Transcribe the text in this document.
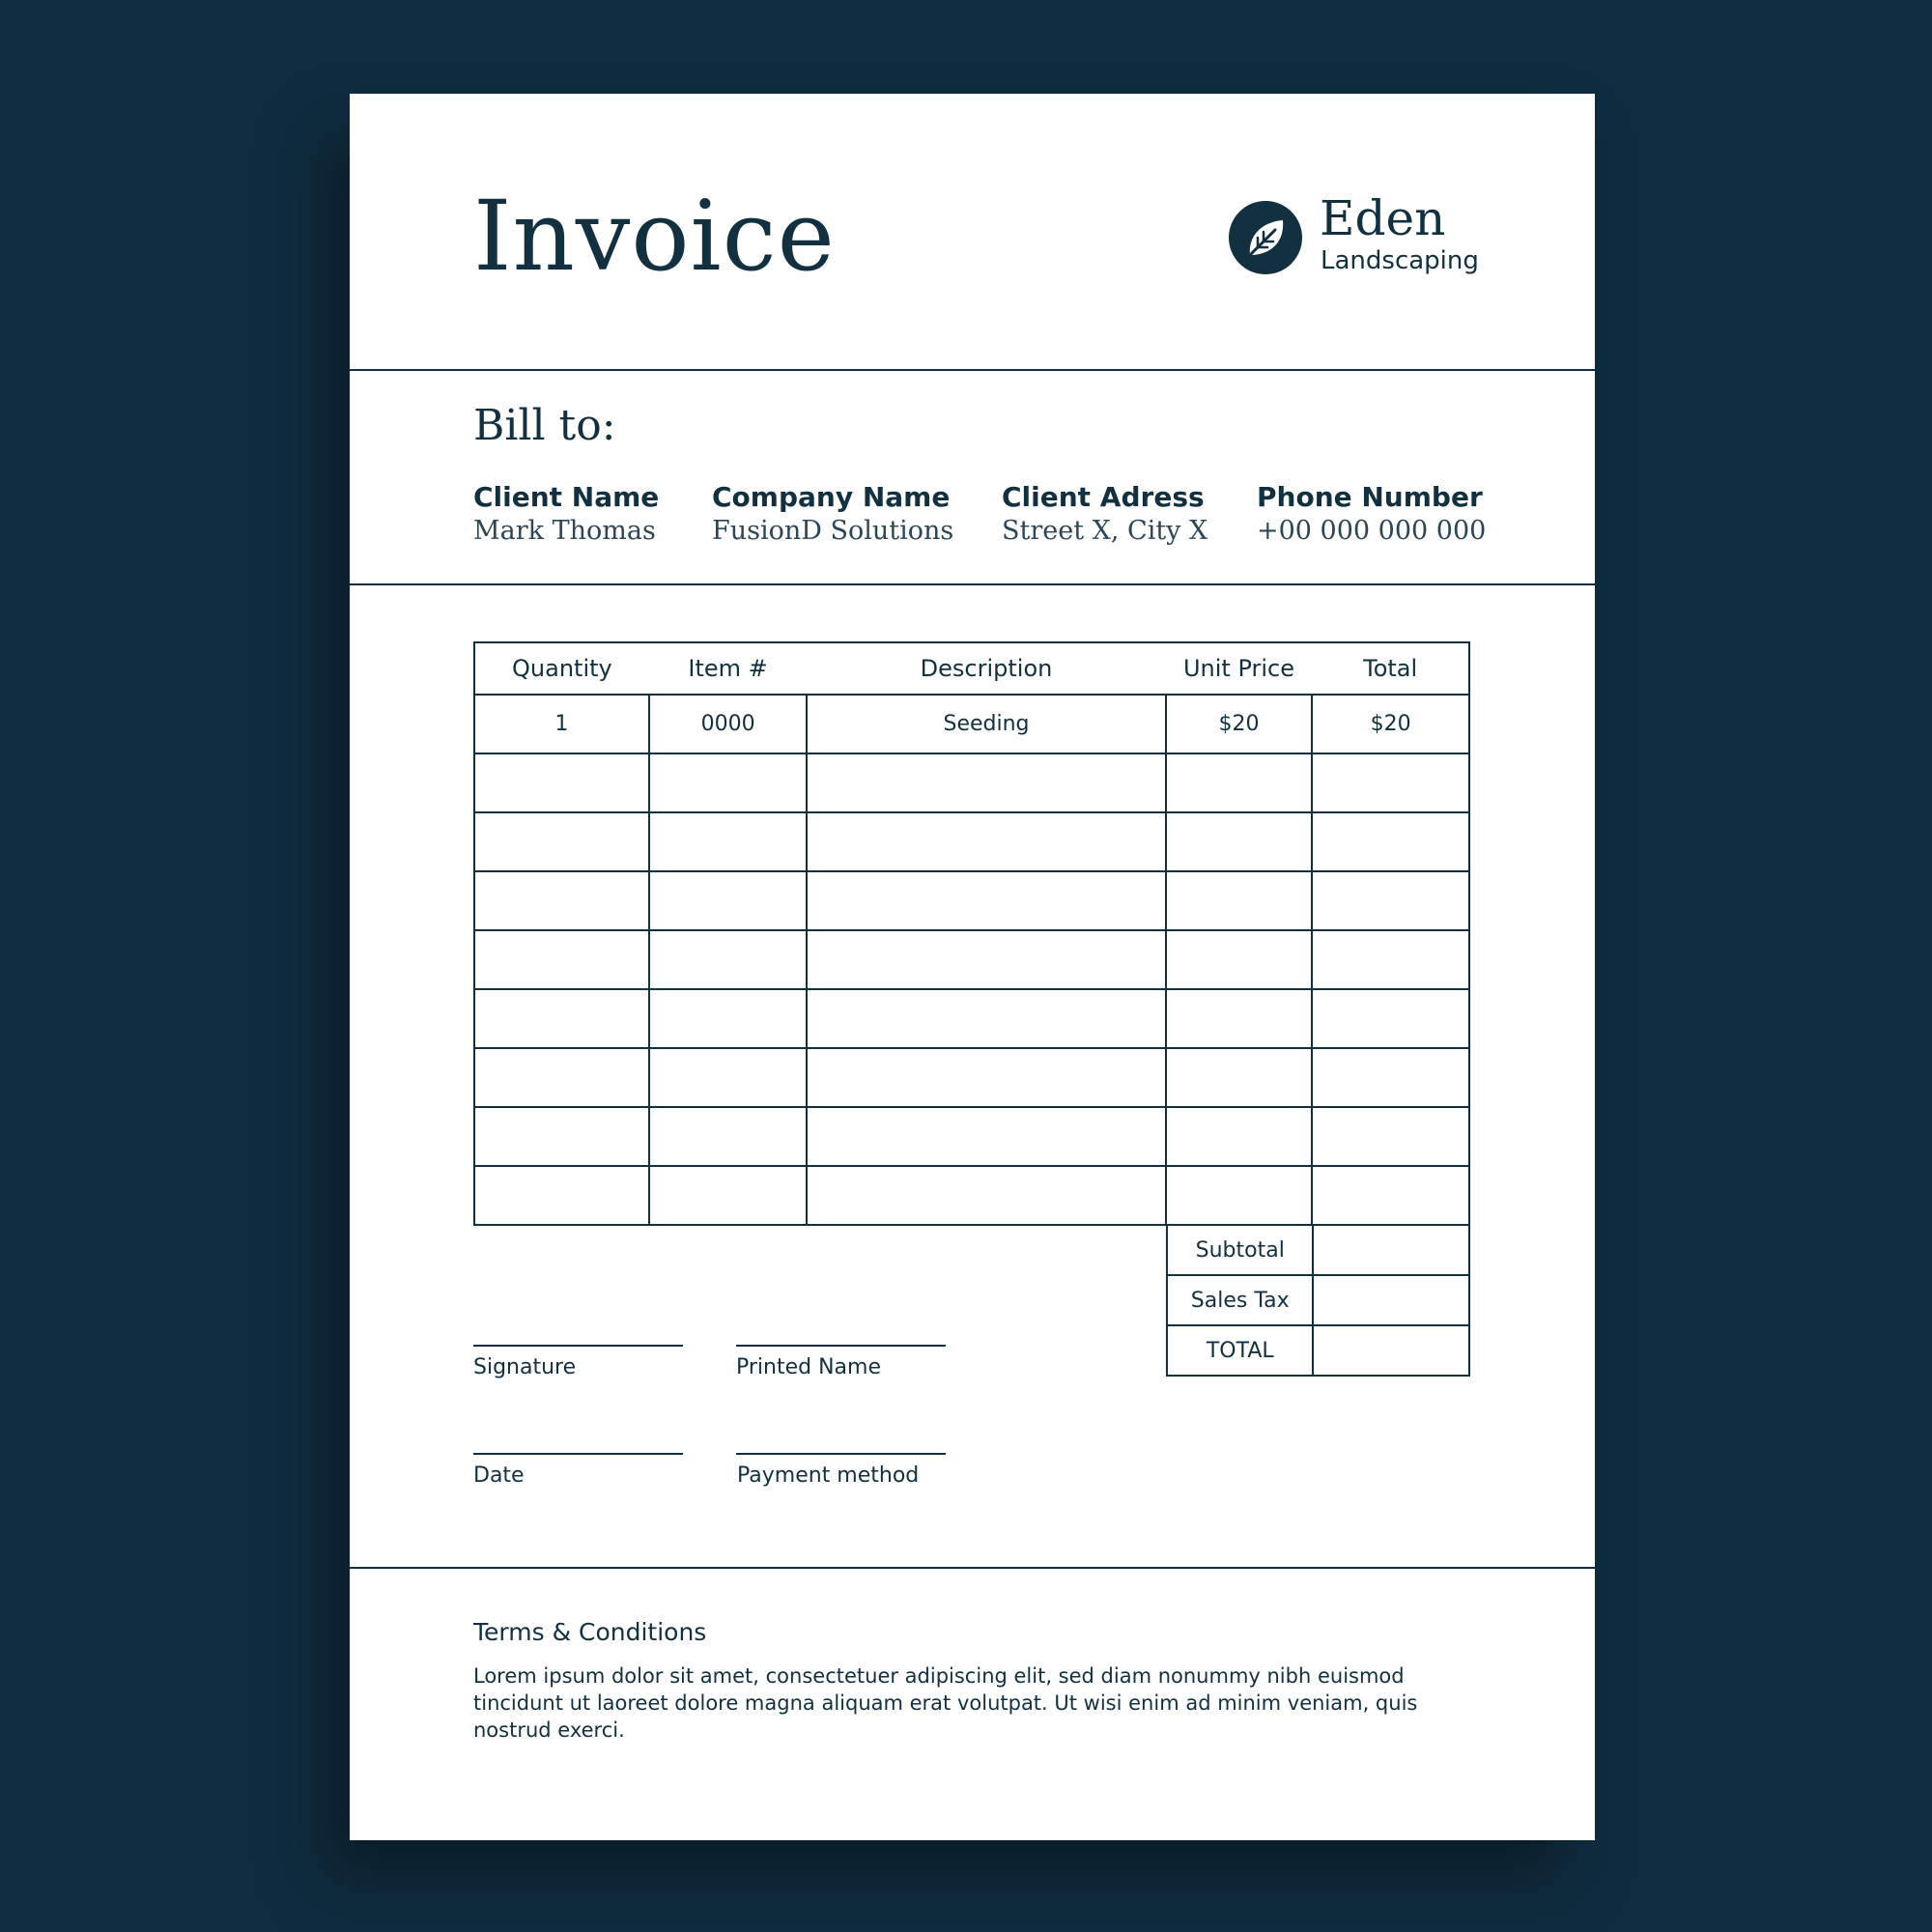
Invoice	Eden
Landscaping
Bill to:
Client Name
Mark Thomas
Company Name
FusionD Solutions
Client Adress
Street X, City X
Phone Number
+00 000 000 000
Quantity	Item #	Description	Unit Price	Total
1	0000	Seeding	$20	$20

Subtotal	
Sales Tax	
TOTAL	
Signature	Printed Name
Date	Payment method
Terms & Conditions
Lorem ipsum dolor sit amet, consectetuer adipiscing elit, sed diam nonummy nibh euismod tincidunt ut laoreet dolore magna aliquam erat volutpat. Ut wisi enim ad minim veniam, quis nostrud exerci.
